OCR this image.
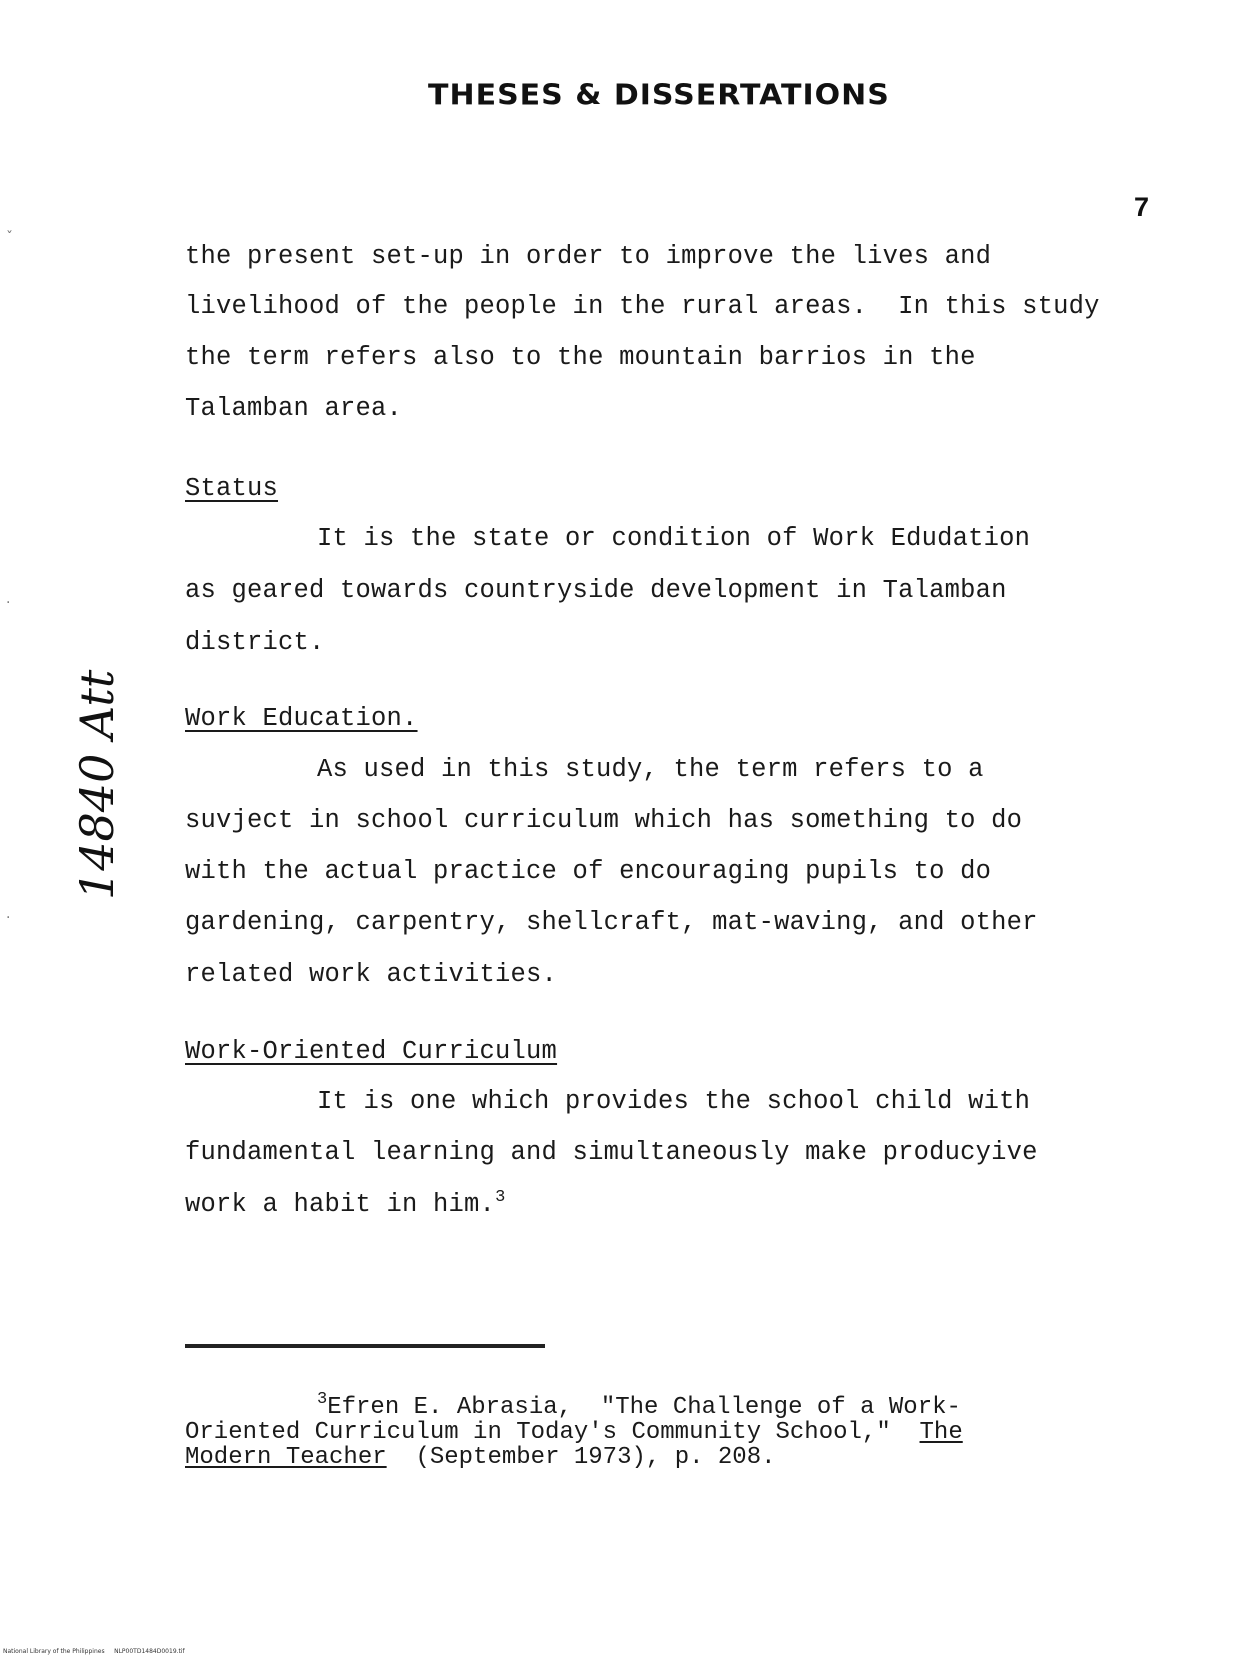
THESES & DISSERTATIONS
7
the present set-up in order to improve the lives and
livelihood of the people in the rural areas.  In this study
the term refers also to the mountain barrios in the
Talamban area.
Status
It is the state or condition of Work Edudation
as geared towards countryside development in Talamban
district.
Work Education.
As used in this study, the term refers to a
suvject in school curriculum which has something to do
with the actual practice of encouraging pupils to do
gardening, carpentry, shellcraft, mat-waving, and other
related work activities.
Work-Oriented Curriculum
It is one which provides the school child with
fundamental learning and simultaneously make producyive
work a habit in him.$^3$
$^3$Efren E. Abrasia,  "The Challenge of a Work-
Oriented Curriculum in Today's Community School,"  The
Modern Teacher  (September 1973), p. 208.
14840 Att
ˇ
·
·
National Library of the Philippines     NLP00TD1484D0019.tif
